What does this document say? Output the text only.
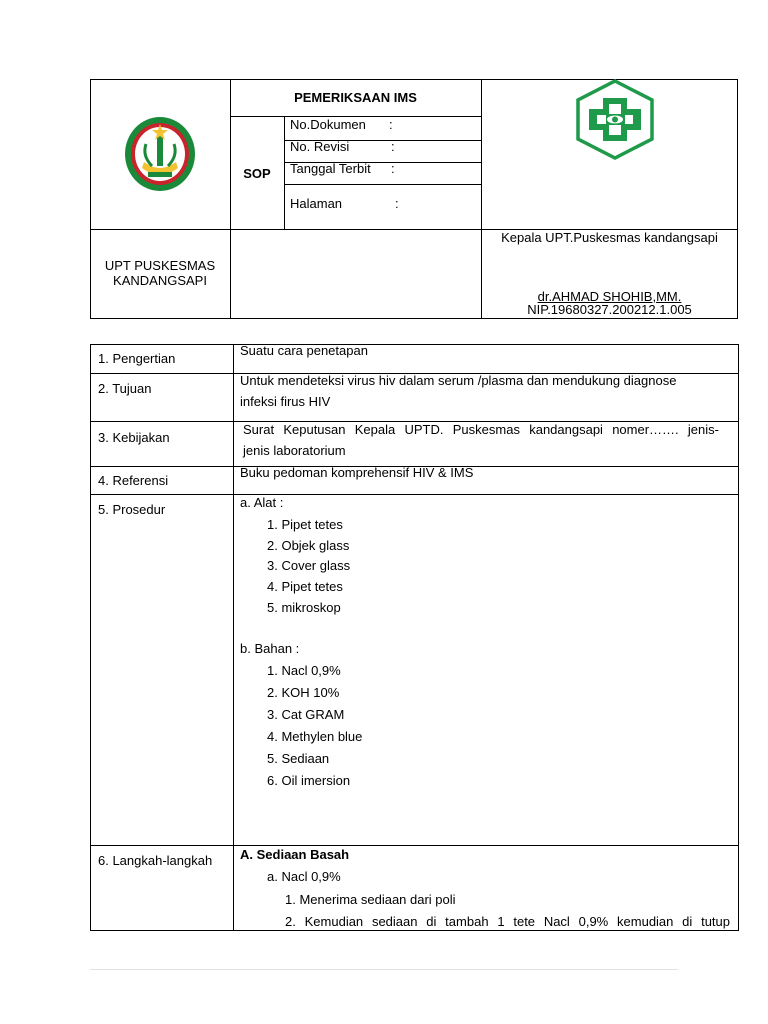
PEMERIKSAAN IMS
SOP
No.Dokumen :
No. Revisi	:
Tanggal Terbit :
Halaman	:
UPT PUSKESMAS
KANDANGSAPI
Kepala UPT.Puskesmas kandangsapi
dr.AHMAD SHOHIB,MM.
NIP.19680327.200212.1.005
1. Pengertian
Suatu cara penetapan
2. Tujuan
Untuk mendeteksi virus hiv dalam serum /plasma dan mendukung diagnose
infeksi firus HIV
3. Kebijakan
Surat Keputusan Kepala UPTD. Puskesmas kandangsapi nomer……. jenis-
jenis laboratorium
4. Referensi
Buku pedoman komprehensif HIV & IMS
5. Prosedur	a. Alat :
1. Pipet tetes
2. Objek glass
3. Cover glass
4. Pipet tetes
5. mikroskop
b. Bahan :
1. Nacl 0,9%
2. KOH 10%
3. Cat GRAM
4. Methylen blue
5. Sediaan
6. Oil imersion
6. Langkah-langkah A. Sediaan Basah
a. Nacl 0,9%
1. Menerima sediaan dari poli
2. Kemudian sediaan di tambah 1 tete Nacl 0,9% kemudian di tutup
